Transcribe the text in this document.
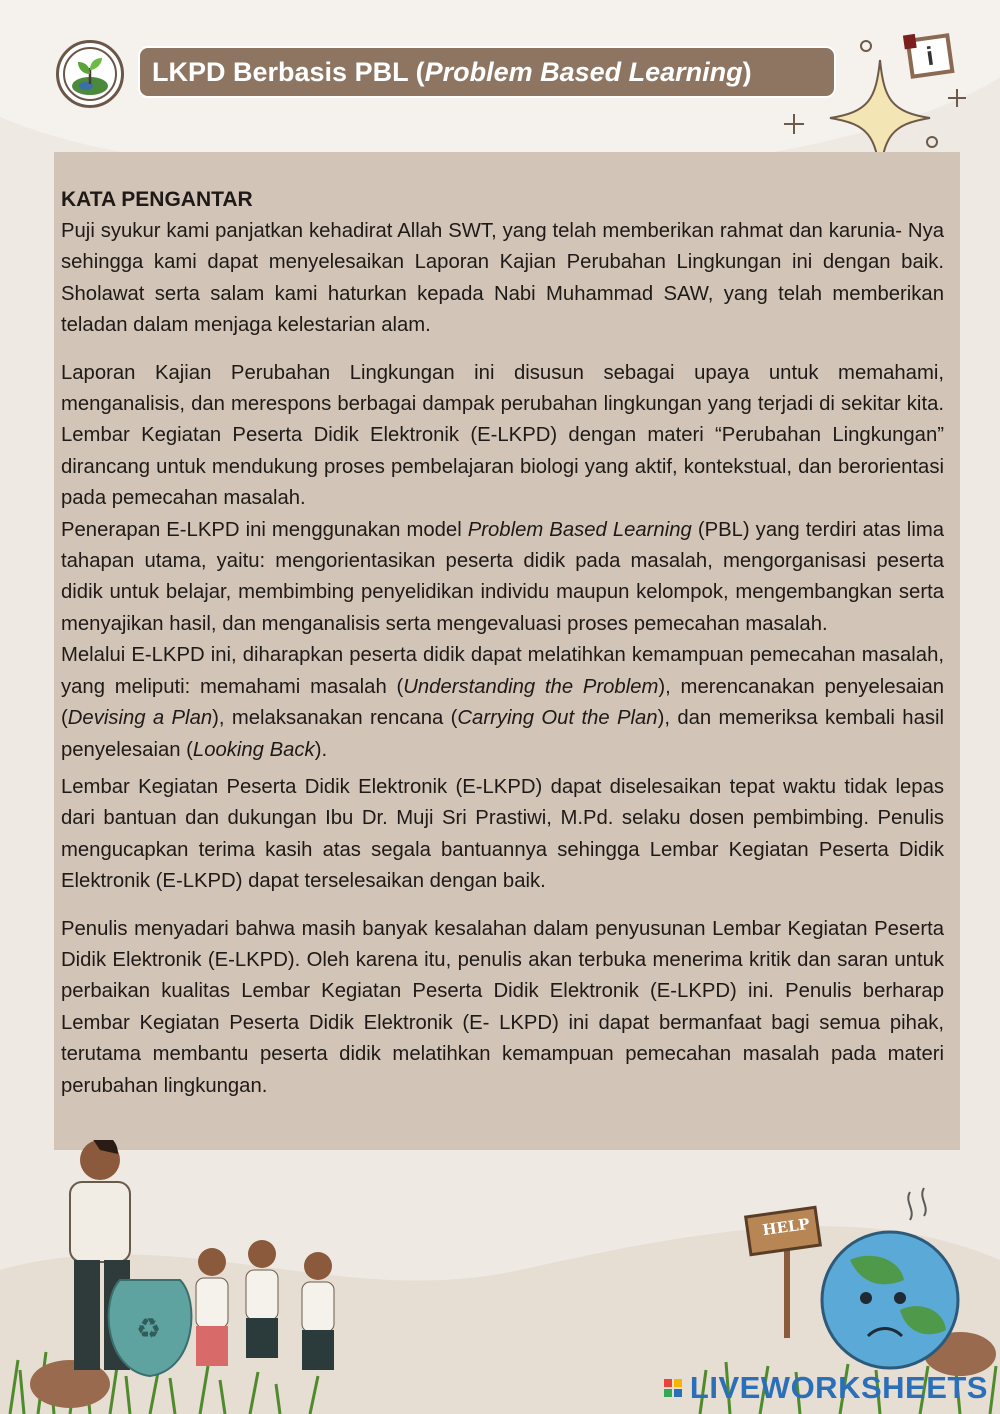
LKPD Berbasis PBL (Problem Based Learning)
i

KATA PENGANTAR

Puji syukur kami panjatkan kehadirat Allah SWT, yang telah memberikan rahmat dan karunia- Nya sehingga kami dapat menyelesaikan Laporan Kajian Perubahan Lingkungan ini dengan baik. Sholawat serta salam kami haturkan kepada Nabi Muhammad SAW, yang telah memberikan teladan dalam menjaga kelestarian alam.

Laporan Kajian Perubahan Lingkungan ini disusun sebagai upaya untuk memahami, menganalisis, dan merespons berbagai dampak perubahan lingkungan yang terjadi di sekitar kita. Lembar Kegiatan Peserta Didik Elektronik (E-LKPD) dengan materi “Perubahan Lingkungan” dirancang untuk mendukung proses pembelajaran biologi yang aktif, kontekstual, dan berorientasi pada pemecahan masalah.

Penerapan E-LKPD ini menggunakan model Problem Based Learning (PBL) yang terdiri atas lima tahapan utama, yaitu: mengorientasikan peserta didik pada masalah, mengorganisasi peserta didik untuk belajar, membimbing penyelidikan individu maupun kelompok, mengembangkan serta menyajikan hasil, dan menganalisis serta mengevaluasi proses pemecahan masalah.

Melalui E-LKPD ini, diharapkan peserta didik dapat melatihkan kemampuan pemecahan masalah, yang meliputi: memahami masalah (Understanding the Problem), merencanakan penyelesaian (Devising a Plan), melaksanakan rencana (Carrying Out the Plan), dan memeriksa kembali hasil penyelesaian (Looking Back).

Lembar Kegiatan Peserta Didik Elektronik (E-LKPD) dapat diselesaikan tepat waktu tidak lepas dari bantuan dan dukungan Ibu Dr. Muji Sri Prastiwi, M.Pd. selaku dosen pembimbing. Penulis mengucapkan terima kasih atas segala bantuannya sehingga Lembar Kegiatan Peserta Didik Elektronik (E-LKPD) dapat terselesaikan dengan baik.

Penulis menyadari bahwa masih banyak kesalahan dalam penyusunan Lembar Kegiatan Peserta Didik Elektronik (E-LKPD). Oleh karena itu, penulis akan terbuka menerima kritik dan saran untuk perbaikan kualitas Lembar Kegiatan Peserta Didik Elektronik (E-LKPD) ini. Penulis berharap Lembar Kegiatan Peserta Didik Elektronik (E- LKPD) ini dapat bermanfaat bagi semua pihak, terutama membantu peserta didik melatihkan kemampuan pemecahan masalah pada materi perubahan lingkungan.

♻
HELP
LIVEWORKSHEETS
